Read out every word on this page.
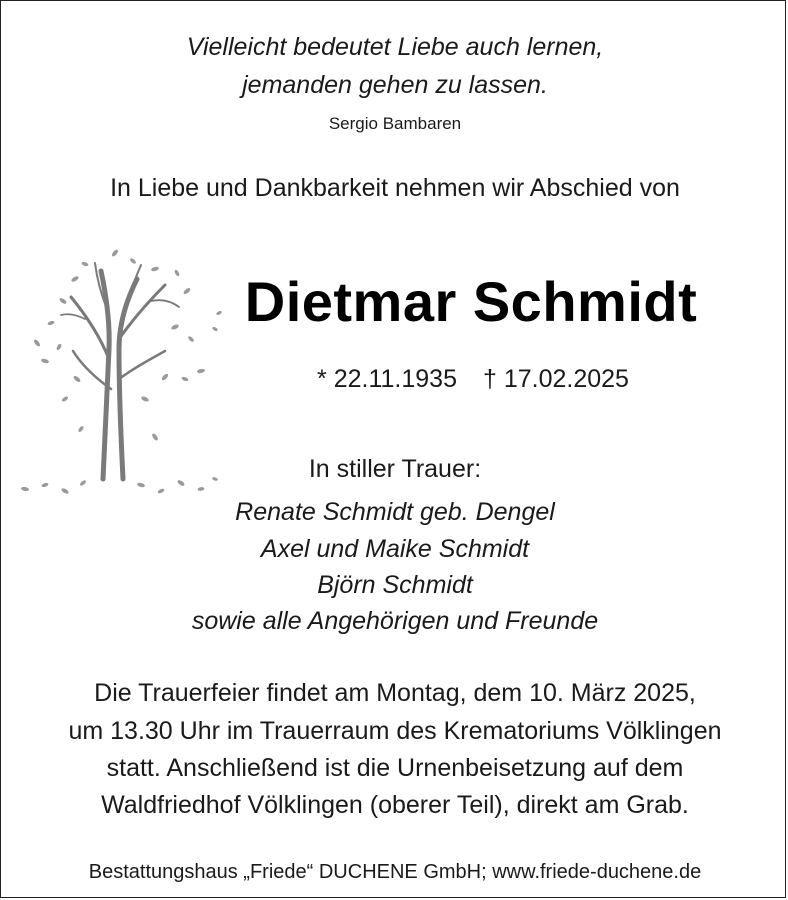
Vielleicht bedeutet Liebe auch lernen,
jemanden gehen zu lassen.
Sergio Bambaren
In Liebe und Dankbarkeit nehmen wir Abschied von
Dietmar Schmidt
* 22.11.1935 † 17.02.2025
In stiller Trauer:
Renate Schmidt geb. Dengel
Axel und Maike Schmidt
Björn Schmidt
sowie alle Angehörigen und Freunde
Die Trauerfeier findet am Montag, dem 10. März 2025,
um 13.30 Uhr im Trauerraum des Krematoriums Völklingen
statt. Anschließend ist die Urnenbeisetzung auf dem
Waldfriedhof Völklingen (oberer Teil), direkt am Grab.
Bestattungshaus „Friede“ DUCHENE GmbH; www.friede-duchene.de
